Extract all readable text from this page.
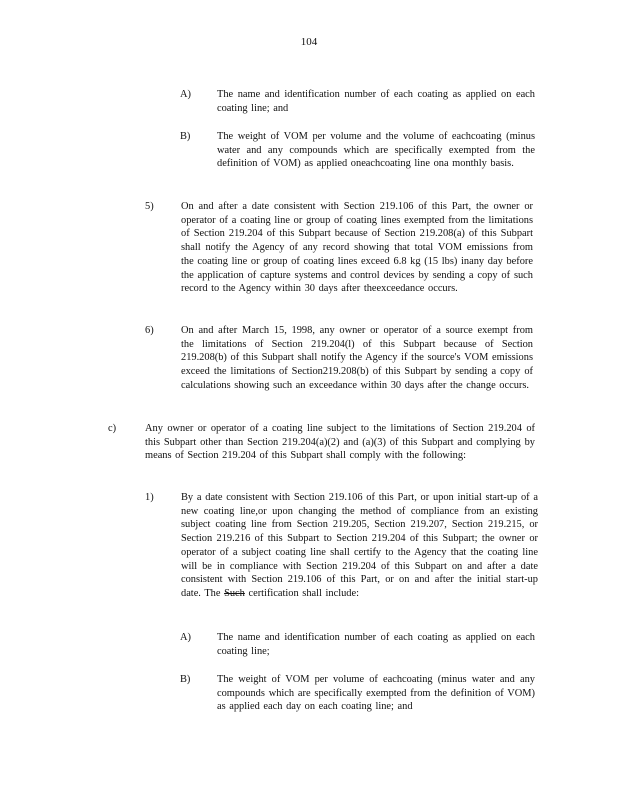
104
A)	The name and identification number of each coating as applied on each coating line; and
B)	The weight of VOM per volume and the volume of eachcoating (minus water and any compounds which are specifically exempted from the definition of VOM) as applied oneachcoating line ona monthly basis.
5)	On and after a date consistent with Section 219.106 of this Part, the owner or operator of a coating line or group of coating lines exempted from the limitations of Section 219.204 of this Subpart because of Section 219.208(a) of this Subpart shall notify the Agency of any record showing that total VOM emissions from the coating line or group of coating lines exceed 6.8 kg (15 lbs) inany day before the application of capture systems and control devices by sending a copy of such record to the Agency within 30 days after theexceedance occurs.
6)	On and after March 15, 1998, any owner or operator of a source exempt from the limitations of Section 219.204(l) of this Subpart because of Section 219.208(b) of this Subpart shall notify the Agency if the source's VOM emissions exceed the limitations of Section219.208(b) of this Subpart by sending a copy of calculations showing such an exceedance within 30 days after the change occurs.
c)	Any owner or operator of a coating line subject to the limitations of Section 219.204 of this Subpart other than Section 219.204(a)(2) and (a)(3) of this Subpart and complying by means of Section 219.204 of this Subpart shall comply with the following:
1)	By a date consistent with Section 219.106 of this Part, or upon initial start-up of a new coating line,or upon changing the method of compliance from an existing subject coating line from Section 219.205, Section 219.207, Section 219.215, or Section 219.216 of this Subpart to Section 219.204 of this Subpart; the owner or operator of a subject coating line shall certify to the Agency that the coating line will be in compliance with Section 219.204 of this Subpart on and after a date consistent with Section 219.106 of this Part, or on and after the initial start-up date. The Such certification shall include:
A)	The name and identification number of each coating as applied on each coating line;
B)	The weight of VOM per volume of eachcoating (minus water and any compounds which are specifically exempted from the definition of VOM) as applied each day on each coating line; and
